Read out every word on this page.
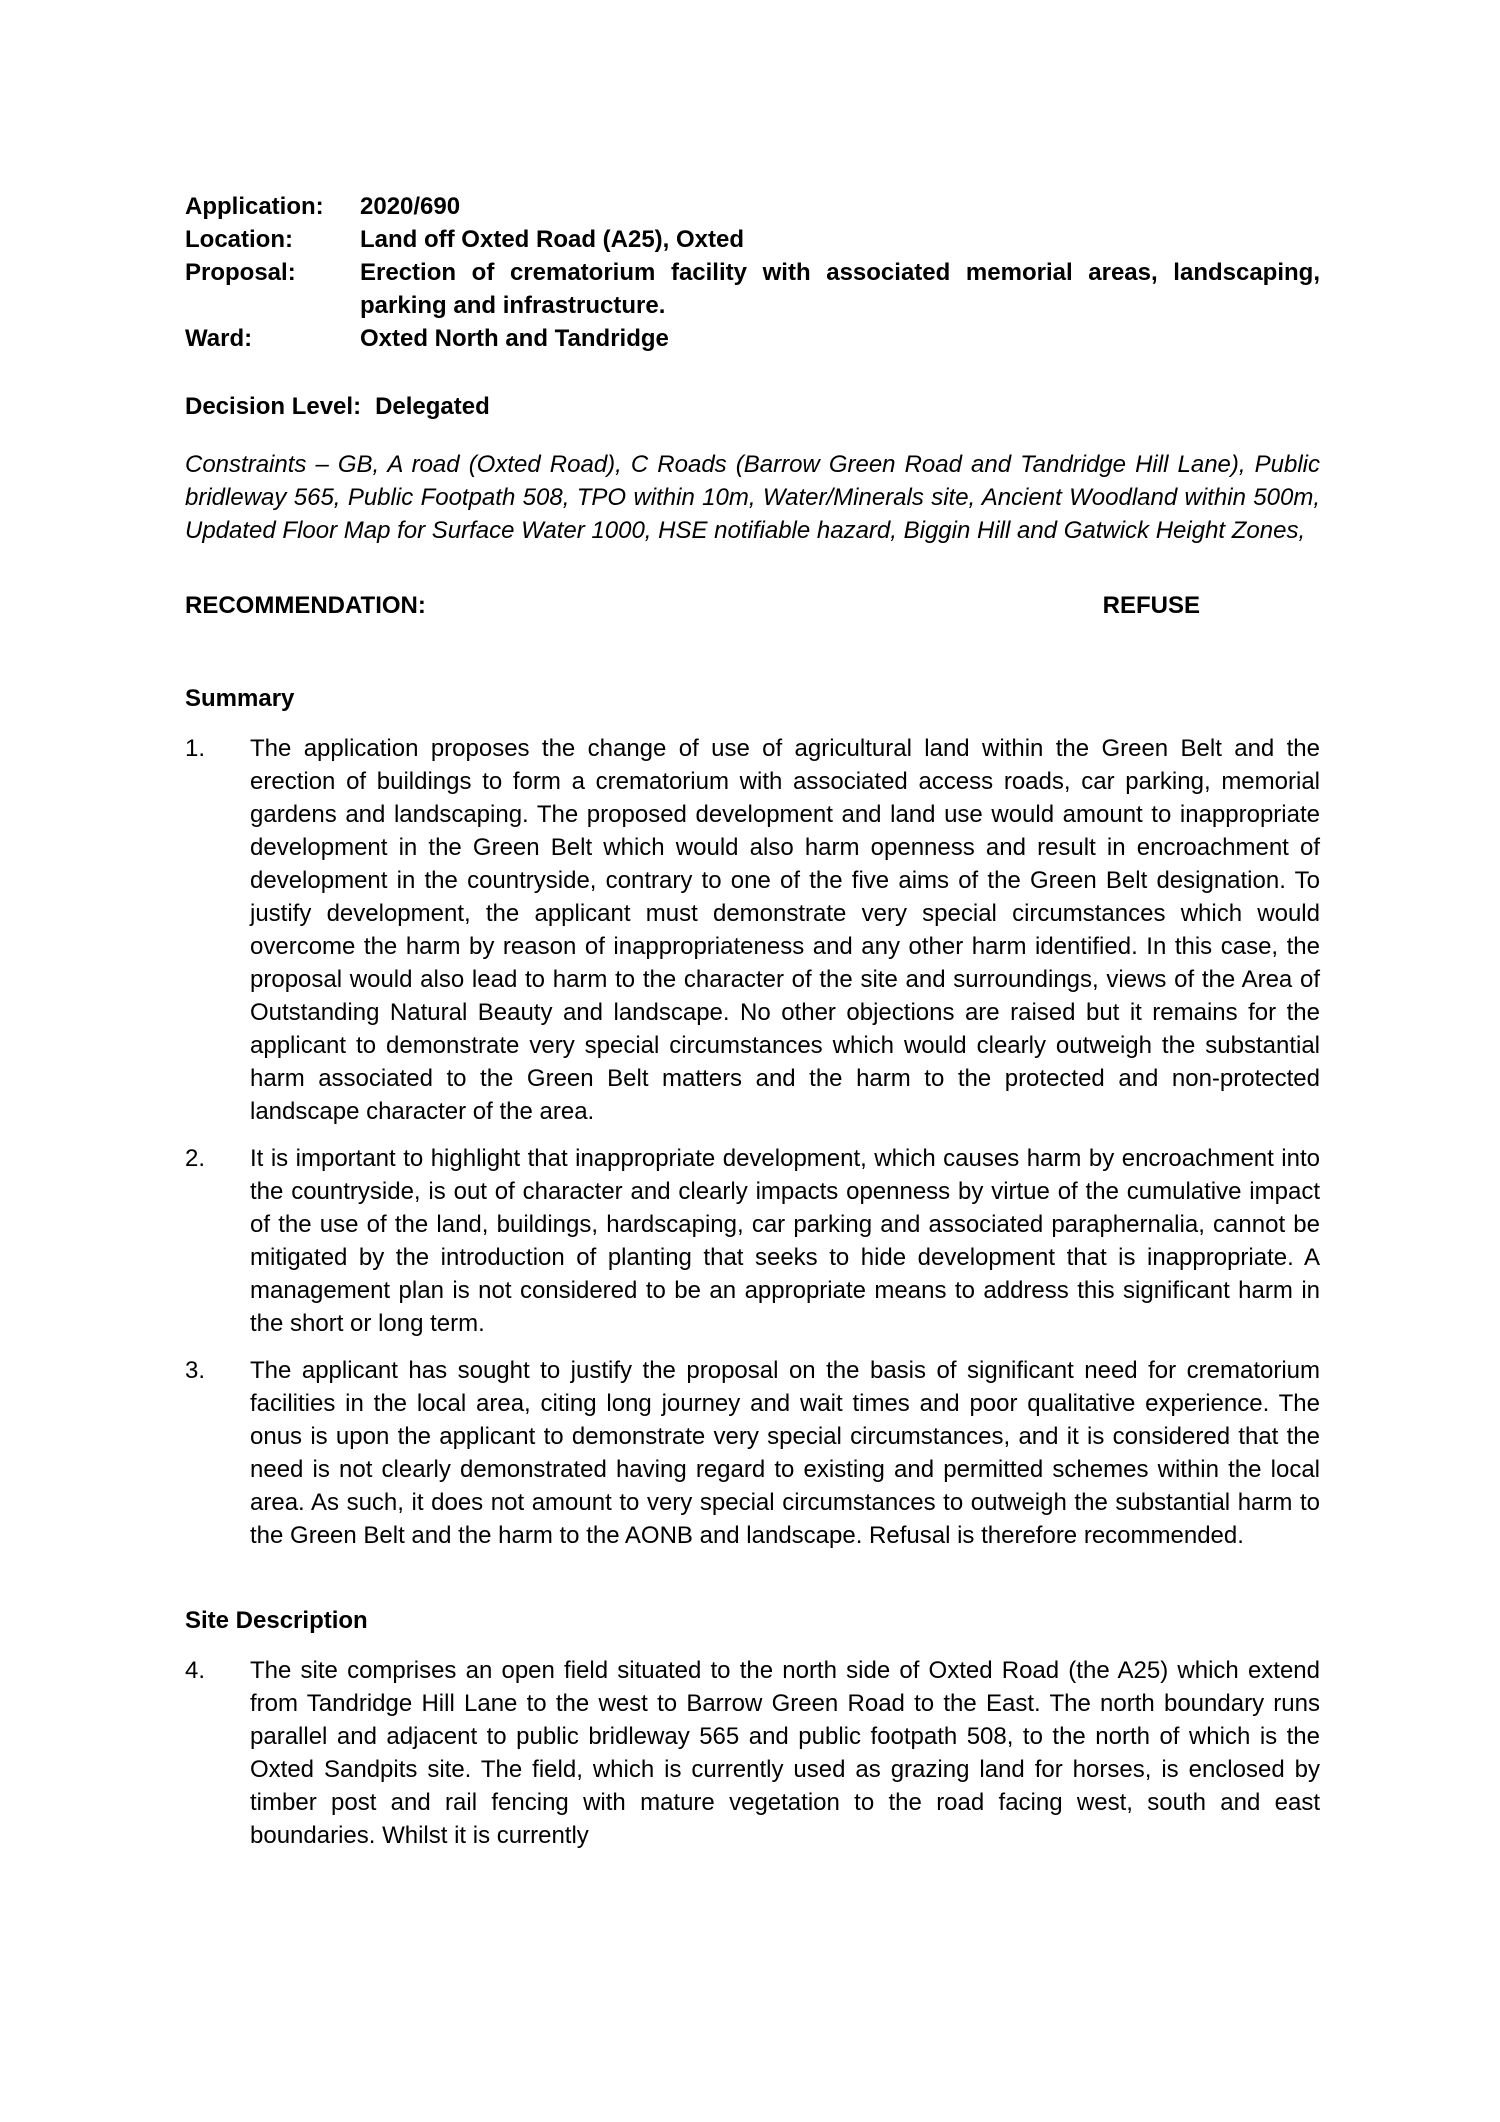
Application:	2020/690
Location:	Land off Oxted Road (A25), Oxted
Proposal:	Erection of crematorium facility with associated memorial areas, landscaping, parking and infrastructure.
Ward:	Oxted North and Tandridge
Decision Level: Delegated

Constraints – GB, A road (Oxted Road), C Roads (Barrow Green Road and Tandridge Hill Lane), Public bridleway 565, Public Footpath 508, TPO within 10m, Water/Minerals site, Ancient Woodland within 500m, Updated Floor Map for Surface Water 1000, HSE notifiable hazard, Biggin Hill and Gatwick Height Zones,

RECOMMENDATION:	REFUSE
Summary
1.	The application proposes the change of use of agricultural land within the Green Belt and the erection of buildings to form a crematorium with associated access roads, car parking, memorial gardens and landscaping. The proposed development and land use would amount to inappropriate development in the Green Belt which would also harm openness and result in encroachment of development in the countryside, contrary to one of the five aims of the Green Belt designation. To justify development, the applicant must demonstrate very special circumstances which would overcome the harm by reason of inappropriateness and any other harm identified. In this case, the proposal would also lead to harm to the character of the site and surroundings, views of the Area of Outstanding Natural Beauty and landscape. No other objections are raised but it remains for the applicant to demonstrate very special circumstances which would clearly outweigh the substantial harm associated to the Green Belt matters and the harm to the protected and non-protected landscape character of the area.
2.	It is important to highlight that inappropriate development, which causes harm by encroachment into the countryside, is out of character and clearly impacts openness by virtue of the cumulative impact of the use of the land, buildings, hardscaping, car parking and associated paraphernalia, cannot be mitigated by the introduction of planting that seeks to hide development that is inappropriate. A management plan is not considered to be an appropriate means to address this significant harm in the short or long term.
3.	The applicant has sought to justify the proposal on the basis of significant need for crematorium facilities in the local area, citing long journey and wait times and poor qualitative experience. The onus is upon the applicant to demonstrate very special circumstances, and it is considered that the need is not clearly demonstrated having regard to existing and permitted schemes within the local area. As such, it does not amount to very special circumstances to outweigh the substantial harm to the Green Belt and the harm to the AONB and landscape. Refusal is therefore recommended.
Site Description
4.	The site comprises an open field situated to the north side of Oxted Road (the A25) which extend from Tandridge Hill Lane to the west to Barrow Green Road to the East. The north boundary runs parallel and adjacent to public bridleway 565 and public footpath 508, to the north of which is the Oxted Sandpits site. The field, which is currently used as grazing land for horses, is enclosed by timber post and rail fencing with mature vegetation to the road facing west, south and east boundaries. Whilst it is currently
